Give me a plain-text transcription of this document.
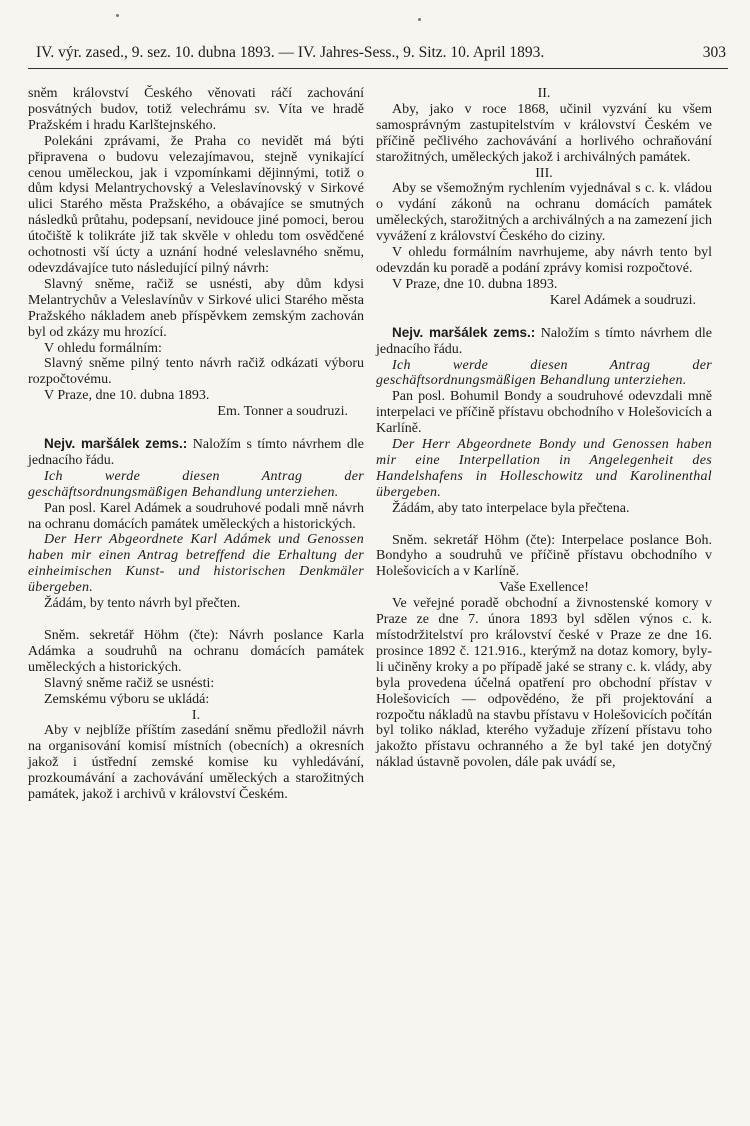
IV. výr. zased., 9. sez. 10. dubna 1893. — IV. Jahres-Sess., 9. Sitz. 10. April 1893.	303

sněm království Českého věnovati ráčí zachování posvátných budov, totiž velechrámu sv. Víta ve hradě Pražském i hradu Karlštejnského.

Polekáni zprávami, že Praha co nevidět má býti připravena o budovu velezajímavou, stejně vynikající cenou uměleckou, jak i vzpomínkami dějinnými, totiž o dům kdysi Melantrychovský a Veleslavínovský v Sirkové ulici Starého města Pražského, a obávajíce se smutných následků průtahu, podepsaní, nevidouce jiné pomoci, berou útočiště k tolikráte již tak skvěle v ohledu tom osvědčené ochotnosti vší úcty a uznání hodné veleslavného sněmu, odevzdávajíce tuto následující pilný návrh:

Slavný sněme, račiž se usnésti, aby dům kdysi Melantrychův a Veleslavínův v Sirkové ulici Starého města Pražského nákladem aneb příspěvkem zemským zachován byl od zkázy mu hrozící.

V ohledu formálním:

Slavný sněme pilný tento návrh račiž odkázati výboru rozpočtovému.

V Praze, dne 10. dubna 1893.

Em. Tonner a soudruzi.

Nejv. maršálek zems.: Naložím s tímto návrhem dle jednacího řádu.

Ich werde diesen Antrag der geschäftsordnungsmäßigen Behandlung unterziehen.

Pan posl. Karel Adámek a soudruhové podali mně návrh na ochranu domácích památek uměleckých a historických.

Der Herr Abgeordnete Karl Adámek und Genossen haben mir einen Antrag betreffend die Erhaltung der einheimischen Kunst- und historischen Denkmäler übergeben.

Žádám, by tento návrh byl přečten.

Sněm. sekretář Höhm (čte): Návrh poslance Karla Adámka a soudruhů na ochranu domácích památek uměleckých a historických.

Slavný sněme račiž se usnésti:

Zemskému výboru se ukládá:

I.

Aby v nejblíže příštím zasedání sněmu předložil návrh na organisování komisí místních (obecních) a okresních jakož i ústřední zemské komise ku vyhledávání, prozkoumávání a zachovávání uměleckých a starožitných památek, jakož i archivů v království Českém.

II.

Aby, jako v roce 1868, učinil vyzvání ku všem samosprávným zastupitelstvím v království Českém ve příčině pečlivého zachovávání a horlivého ochraňování starožitných, uměleckých jakož i archiválných památek.

III.

Aby se všemožným rychlením vyjednával s c. k. vládou o vydání zákonů na ochranu domácích památek uměleckých, starožitných a archiválných a na zamezení jich vyvážení z království Českého do ciziny.

V ohledu formálním navrhujeme, aby návrh tento byl odevzdán ku poradě a podání zprávy komisi rozpočtové.

V Praze, dne 10. dubna 1893.

Karel Adámek a soudruzi.

Nejv. maršálek zems.: Naložím s tímto návrhem dle jednacího řádu.

Ich werde diesen Antrag der geschäftsordnungsmäßigen Behandlung unterziehen.

Pan posl. Bohumil Bondy a soudruhové odevzdali mně interpelaci ve příčině přístavu obchodního v Holešovicích a Karlíně.

Der Herr Abgeordnete Bondy und Genossen haben mir eine Interpellation in Angelegenheit des Handelshafens in Holleschowitz und Karolinenthal übergeben.

Žádám, aby tato interpelace byla přečtena.

Sněm. sekretář Höhm (čte): Interpelace poslance Boh. Bondyho a soudruhů ve příčině přístavu obchodního v Holešovicích a v Karlíně.

Vaše Exellence!

Ve veřejné poradě obchodní a živnostenské komory v Praze ze dne 7. února 1893 byl sdělen výnos c. k. místodržitelství pro království české v Praze ze dne 16. prosince 1892 č. 121.916., kterýmž na dotaz komory, byly-li učiněny kroky a po případě jaké se strany c. k. vlády, aby byla provedena účelná opatření pro obchodní přístav v Holešovicích — odpovědéno, že při projektování a rozpočtu nákladů na stavbu přístavu v Holešovicích počítán byl toliko náklad, kterého vyžaduje zřízení přístavu toho jakožto přístavu ochranného a že byl také jen dotyčný náklad ústavně povolen, dále pak uvádí se,
